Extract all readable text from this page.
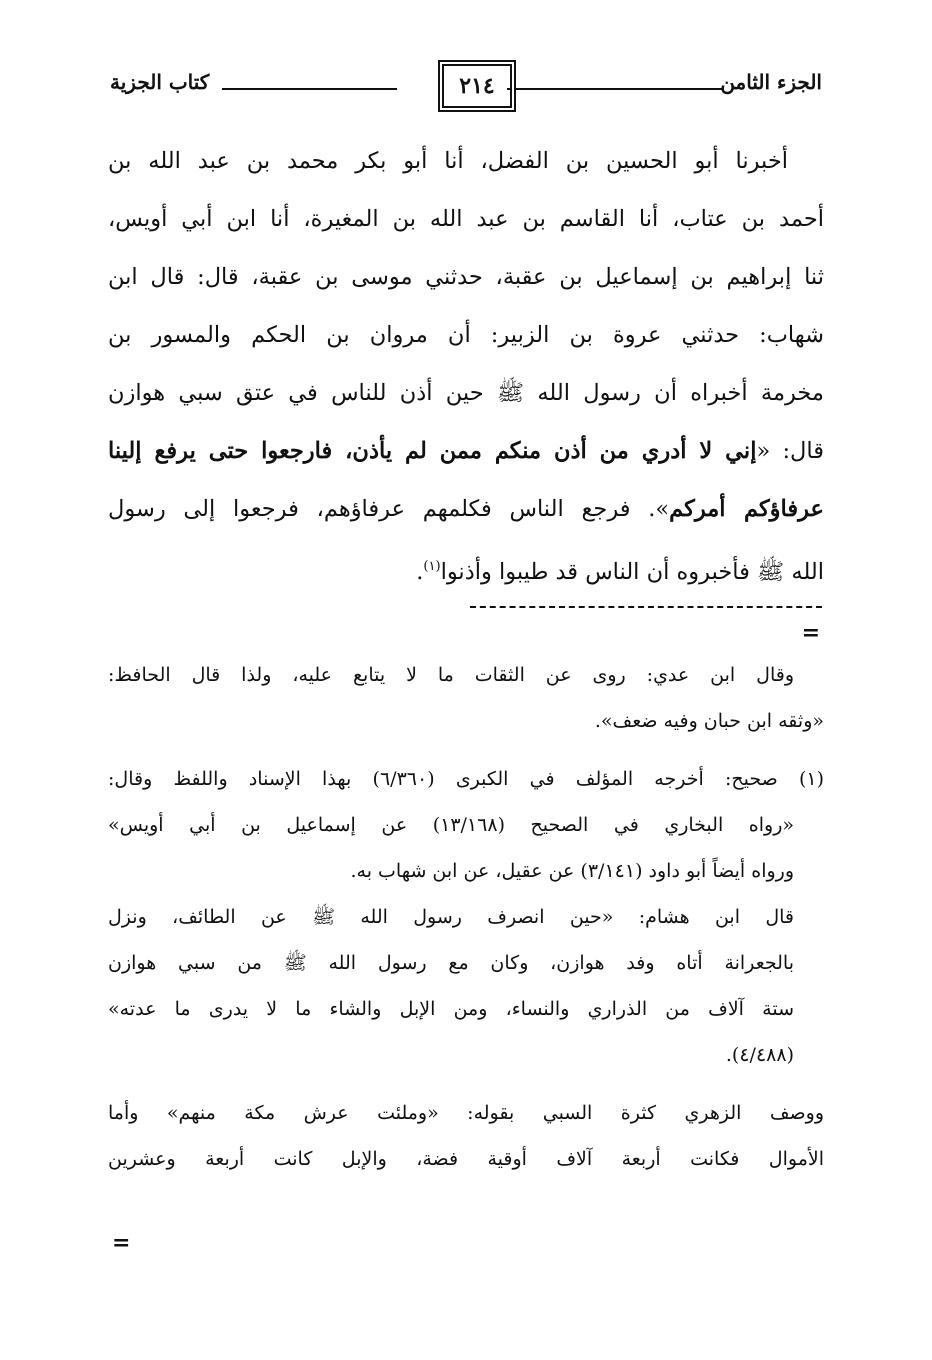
الجزء الثامن
٢١٤
كتاب الجزية
أخبرنا أبو الحسين بن الفضل، أنا أبو بكر محمد بن عبد الله بن
أحمد بن عتاب، أنا القاسم بن عبد الله بن المغيرة، أنا ابن أبي أويس،
ثنا إبراهيم بن إسماعيل بن عقبة، حدثني موسى بن عقبة، قال: قال ابن
شهاب: حدثني عروة بن الزبير: أن مروان بن الحكم والمسور بن
مخرمة أخبراه أن رسول الله ﷺ حين أذن للناس في عتق سبي هوازن
قال: «إني لا أدري من أذن منكم ممن لم يأذن، فارجعوا حتى يرفع إلينا
عرفاؤكم أمركم». فرجع الناس فكلمهم عرفاؤهم، فرجعوا إلى رسول
الله ﷺ فأخبروه أن الناس قد طيبوا وأذنوا$^{(١)}$.
=
وقال ابن عدي: روى عن الثقات ما لا يتابع عليه، ولذا قال الحافظ:
«وثقه ابن حبان وفيه ضعف».
(١) صحيح: أخرجه المؤلف في الكبرى (٦/٣٦٠) بهذا الإسناد واللفظ وقال:
«رواه البخاري في الصحيح (١٣/١٦٨) عن إسماعيل بن أبي أويس»
ورواه أيضاً أبو داود (٣/١٤١) عن عقيل، عن ابن شهاب به.
قال ابن هشام: «حين انصرف رسول الله ﷺ عن الطائف، ونزل
بالجعرانة أتاه وفد هوازن، وكان مع رسول الله ﷺ من سبي هوازن
ستة آلاف من الذراري والنساء، ومن الإبل والشاء ما لا يدرى ما عدته»
(٤/٤٨٨).
ووصف الزهري كثرة السبي بقوله: «وملئت عرش مكة منهم» وأما
الأموال فكانت أربعة آلاف أوقية فضة، والإبل كانت أربعة وعشرين
=
